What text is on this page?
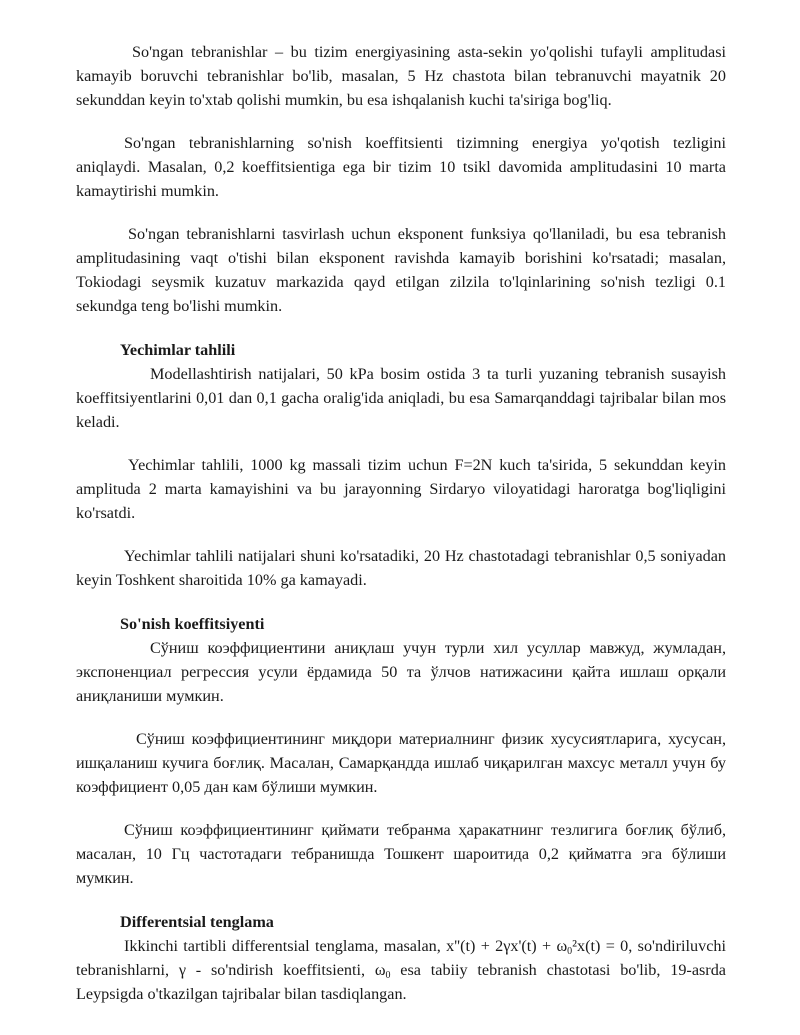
So'ngan tebranishlar – bu tizim energiyasining asta-sekin yo'qolishi tufayli amplitudasi kamayib boruvchi tebranishlar bo'lib, masalan, 5 Hz chastota bilan tebranuvchi mayatnik 20 sekunddan keyin to'xtab qolishi mumkin, bu esa ishqalanish kuchi ta'siriga bog'liq.

So'ngan tebranishlarning so'nish koeffitsienti tizimning energiya yo'qotish tezligini aniqlaydi. Masalan, 0,2 koeffitsientiga ega bir tizim 10 tsikl davomida amplitudasini 10 marta kamaytirishi mumkin.

So'ngan tebranishlarni tasvirlash uchun eksponent funksiya qo'llaniladi, bu esa tebranish amplitudasining vaqt o'tishi bilan eksponent ravishda kamayib borishini ko'rsatadi; masalan, Tokiodagi seysmik kuzatuv markazida qayd etilgan zilzila to'lqinlarining so'nish tezligi 0.1 sekundga teng bo'lishi mumkin.

Yechimlar tahlili

Modellashtirish natijalari, 50 kPa bosim ostida 3 ta turli yuzaning tebranish susayish koeffitsiyentlarini 0,01 dan 0,1 gacha oralig'ida aniqladi, bu esa Samarqanddagi tajribalar bilan mos keladi.

Yechimlar tahlili, 1000 kg massali tizim uchun F=2N kuch ta'sirida, 5 sekunddan keyin amplituda 2 marta kamayishini va bu jarayonning Sirdaryo viloyatidagi haroratga bog'liqligini ko'rsatdi.

Yechimlar tahlili natijalari shuni ko'rsatadiki, 20 Hz chastotadagi tebranishlar 0,5 soniyadan keyin Toshkent sharoitida 10% ga kamayadi.

So'nish koeffitsiyenti

Сўниш коэффициентини аниқлаш учун турли хил усуллар мавжуд, жумладан, экспоненциал регрессия усули ёрдамида 50 та ўлчов натижасини қайта ишлаш орқали аниқланиши мумкин.

Сўниш коэффициентининг миқдори материалнинг физик хусусиятларига, хусусан, ишқаланиш кучига боғлиқ. Масалан, Самарқандда ишлаб чиқарилган махсус металл учун бу коэффициент 0,05 дан кам бўлиши мумкин.

Сўниш коэффициентининг қиймати тебранма ҳаракатнинг тезлигига боғлиқ бўлиб, масалан, 10 Гц частотадаги тебранишда Тошкент шароитида 0,2 қийматга эга бўлиши мумкин.

Differentsial tenglama

Ikkinchi tartibli differentsial tenglama, masalan, $x''(t) + 2\gamma x'(t) + \omega_0^2x(t) = 0$, so'ndiriluvchi tebranishlarni, γ - so'ndirish koeffitsienti, $\omega_0$ esa tabiiy tebranish chastotasi bo'lib, 19-asrda Leypsigda o'tkazilgan tajribalar bilan tasdiqlangan.
